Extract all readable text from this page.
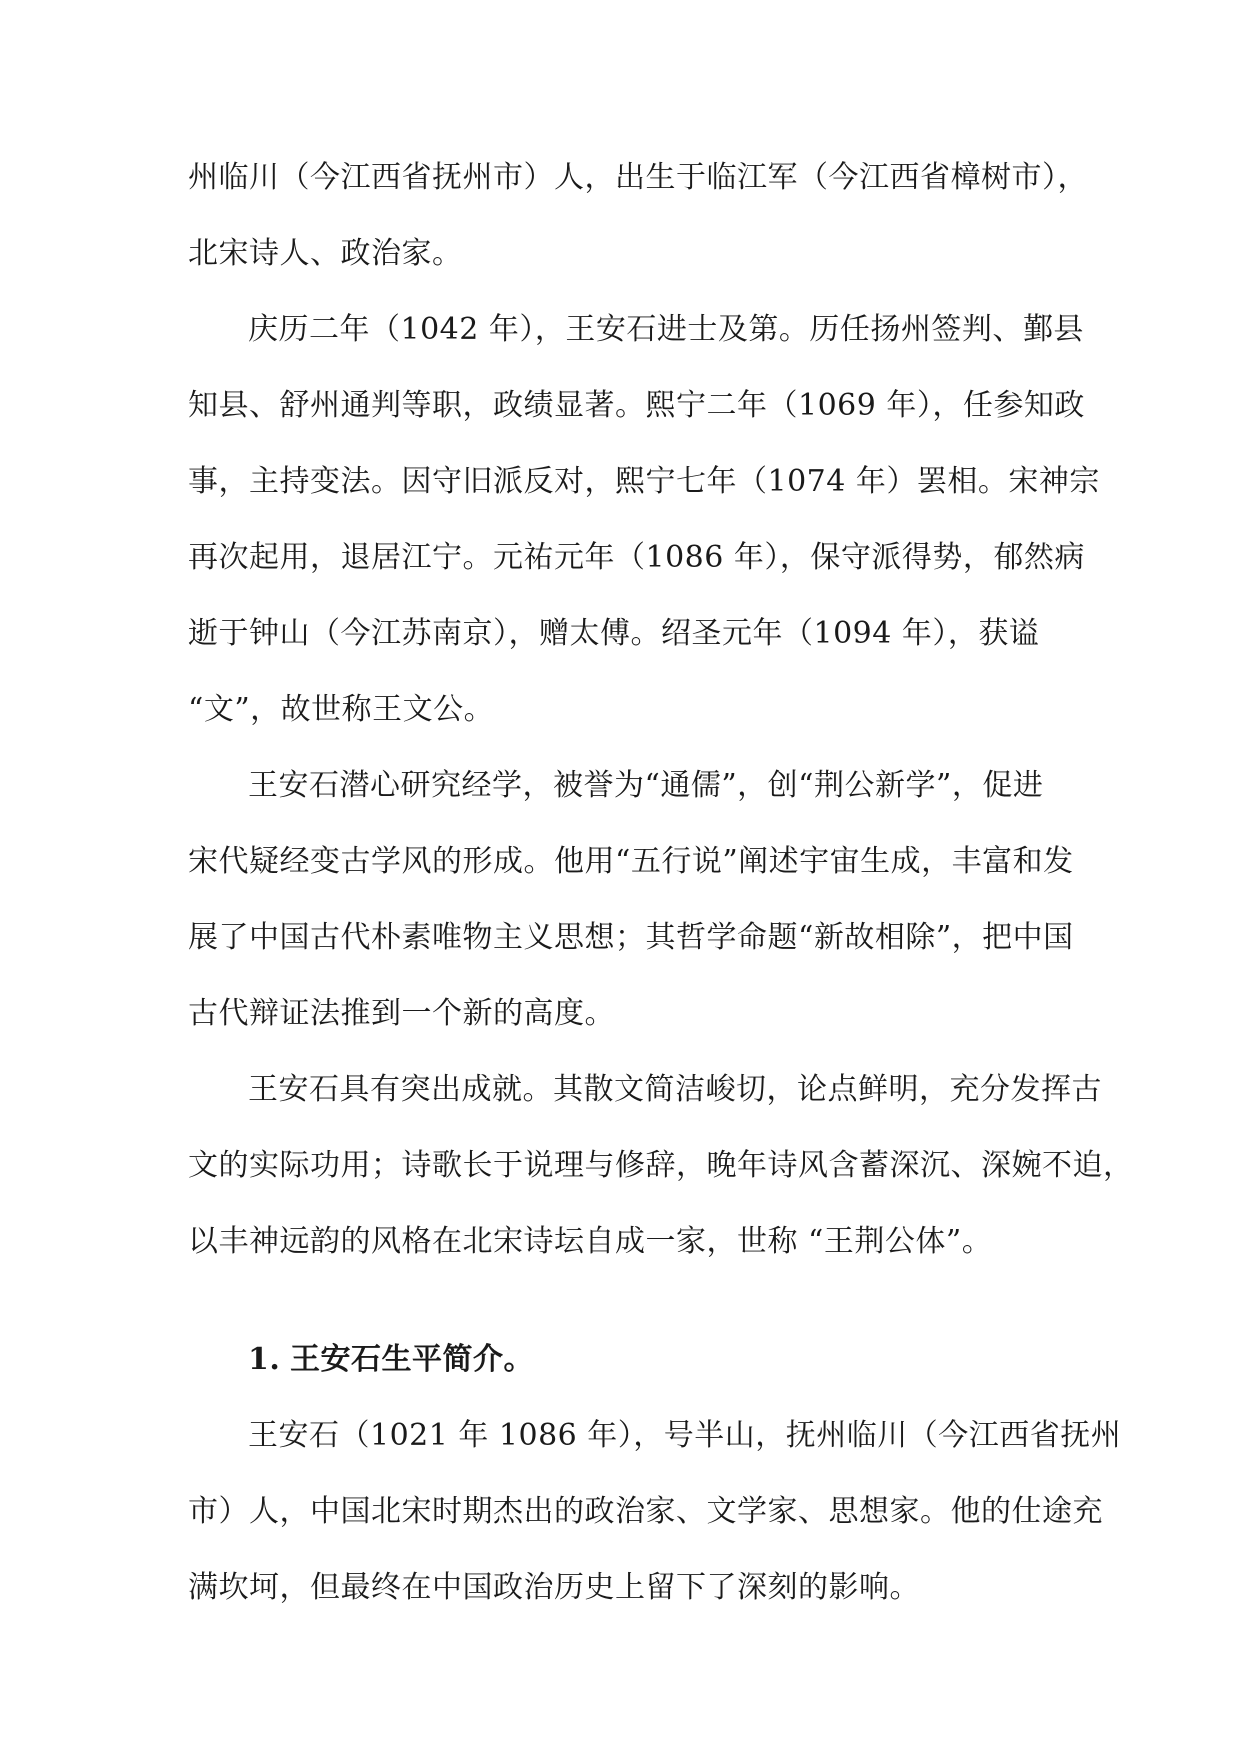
州临川（今江西省抚州市）人，出生于临江军（今江西省樟树市），
北宋诗人、政治家。
庆历二年（1042 年），王安石进士及第。历任扬州签判、鄞县
知县、舒州通判等职，政绩显著。熙宁二年（1069 年），任参知政
事，主持变法。因守旧派反对，熙宁七年（1074 年）罢相。宋神宗
再次起用，退居江宁。元祐元年（1086 年），保守派得势，郁然病
逝于钟山（今江苏南京），赠太傅。绍圣元年（1094 年），获谥
“文”，故世称王文公。
王安石潜心研究经学，被誉为“通儒”，创“荆公新学”，促进
宋代疑经变古学风的形成。他用“五行说”阐述宇宙生成，丰富和发
展了中国古代朴素唯物主义思想；其哲学命题“新故相除”，把中国
古代辩证法推到一个新的高度。
王安石具有突出成就。其散文简洁峻切，论点鲜明，充分发挥古
文的实际功用；诗歌长于说理与修辞，晚年诗风含蓄深沉、深婉不迫，
以丰神远韵的风格在北宋诗坛自成一家，世称 “王荆公体”。
1. 王安石生平简介。
王安石（1021 年 1086 年），号半山，抚州临川（今江西省抚州
市）人，中国北宋时期杰出的政治家、文学家、思想家。他的仕途充
满坎坷，但最终在中国政治历史上留下了深刻的影响。
